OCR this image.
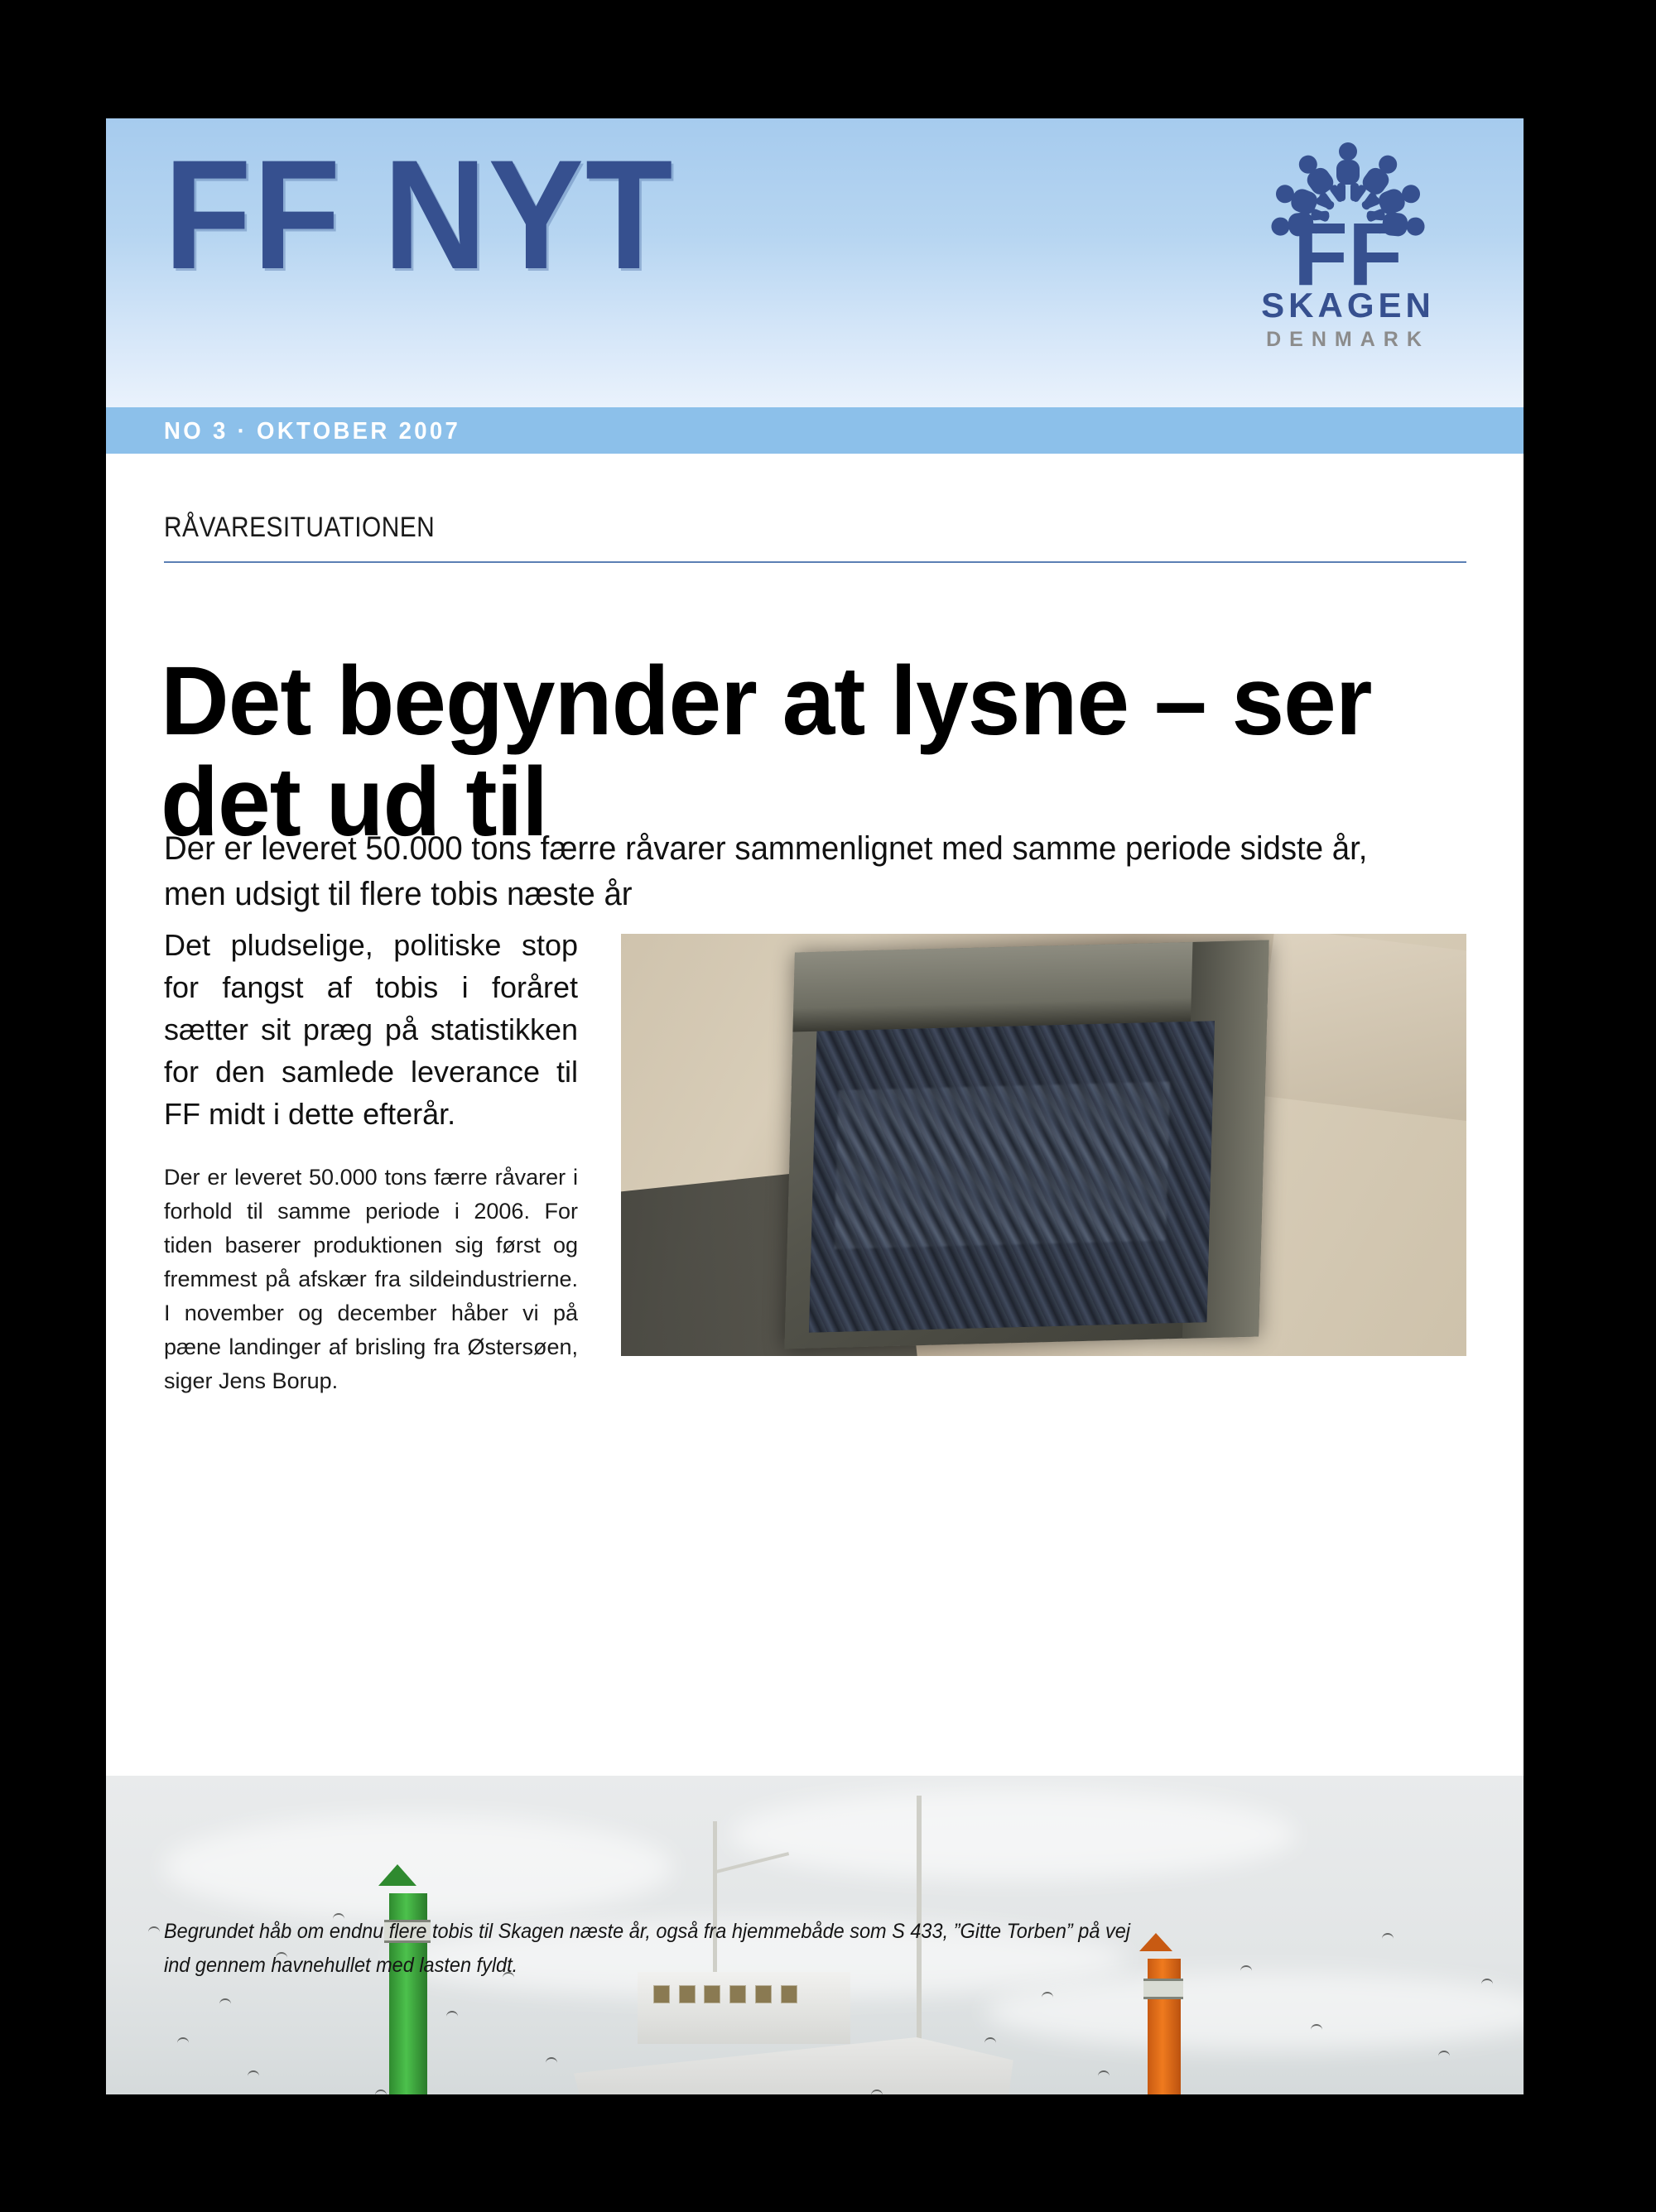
FF NYT	FF
SKAGEN
DENMARK
NO 3 · OKTOBER 2007
RÅVARESITUATIONEN
Det begynder at lysne – ser det ud til

Der er leveret 50.000 tons færre råvarer sammenlignet med samme periode sidste år, men udsigt til flere tobis næste år

Det pludselige, politiske stop for fangst af tobis i foråret sætter sit præg på statistikken for den samlede leverance til FF midt i dette efterår.

Der er leveret 50.000 tons færre råvarer i forhold til samme periode i 2006. For tiden baserer produktionen sig først og fremmest på afskær fra sildeindustrierne. I november og december håber vi på pæne landinger af brisling fra Østersøen, siger Jens Borup.

Begrundet håb om endnu flere tobis til Skagen næste år, også fra hjemmebåde som S 433, ”Gitte Torben” på vej ind gennem havnehullet med lasten fyldt.
